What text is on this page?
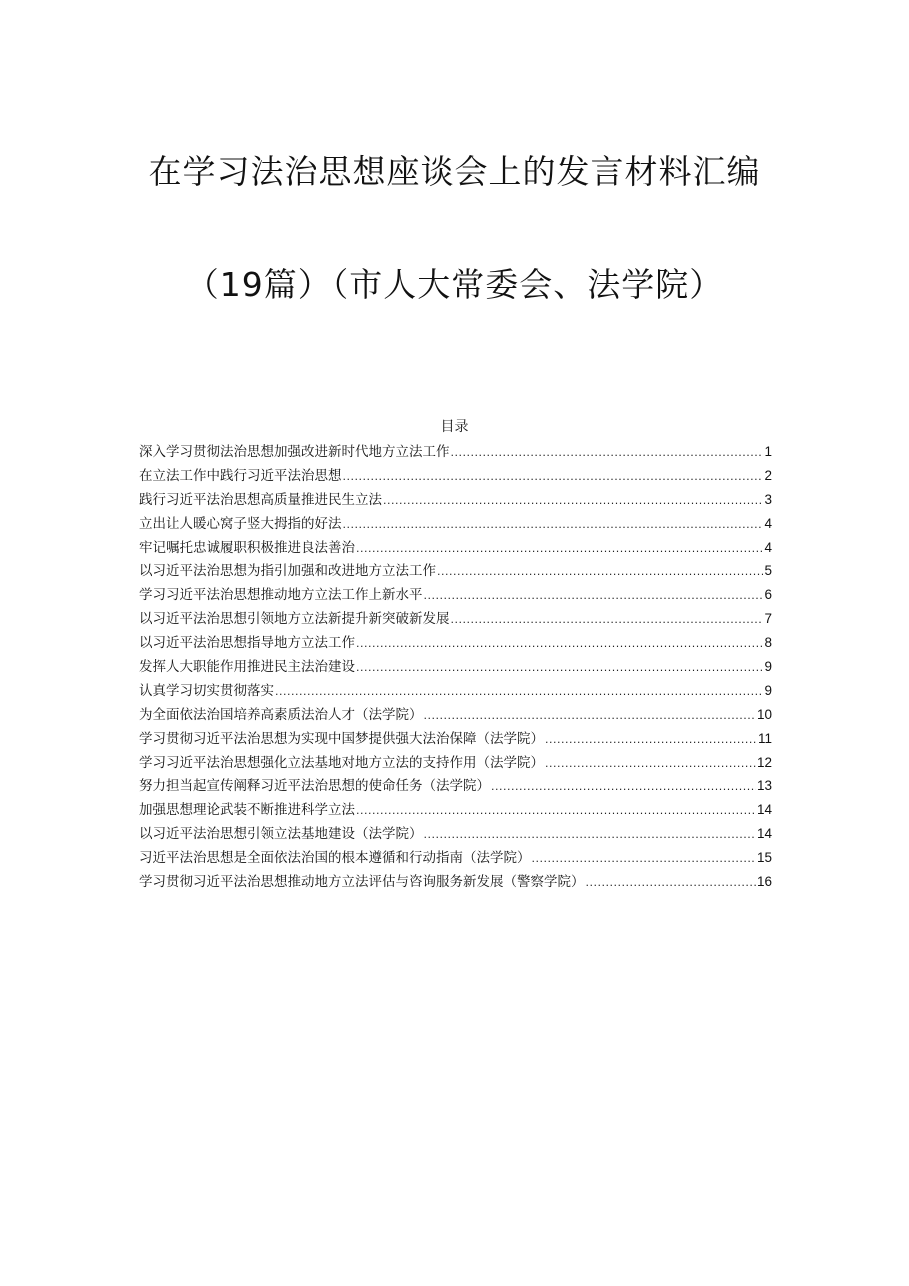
在学习法治思想座谈会上的发言材料汇编
（19篇）（市人大常委会、法学院）
目录
深入学习贯彻法治思想加强改进新时代地方立法工作 .....	1
在立法工作中践行习近平法治思想 .....	2
践行习近平法治思想高质量推进民生立法 .....	3
立出让人暖心窝子竖大拇指的好法 .....	4
牢记嘱托忠诚履职积极推进良法善治 .....	4
以习近平法治思想为指引加强和改进地方立法工作 .....	5
学习习近平法治思想推动地方立法工作上新水平 .....	6
以习近平法治思想引领地方立法新提升新突破新发展 .....	7
以习近平法治思想指导地方立法工作 .....	8
发挥人大职能作用推进民主法治建设 .....	9
认真学习切实贯彻落实 .....	9
为全面依法治国培养高素质法治人才（法学院） .....	10
学习贯彻习近平法治思想为实现中国梦提供强大法治保障（法学院） .....	11
学习习近平法治思想强化立法基地对地方立法的支持作用（法学院） .....	12
努力担当起宣传阐释习近平法治思想的使命任务（法学院） .....	13
加强思想理论武装不断推进科学立法 .....	14
以习近平法治思想引领立法基地建设（法学院） .....	14
习近平法治思想是全面依法治国的根本遵循和行动指南（法学院） .....	15
学习贯彻习近平法治思想推动地方立法评估与咨询服务新发展（警察学院） .....	16
